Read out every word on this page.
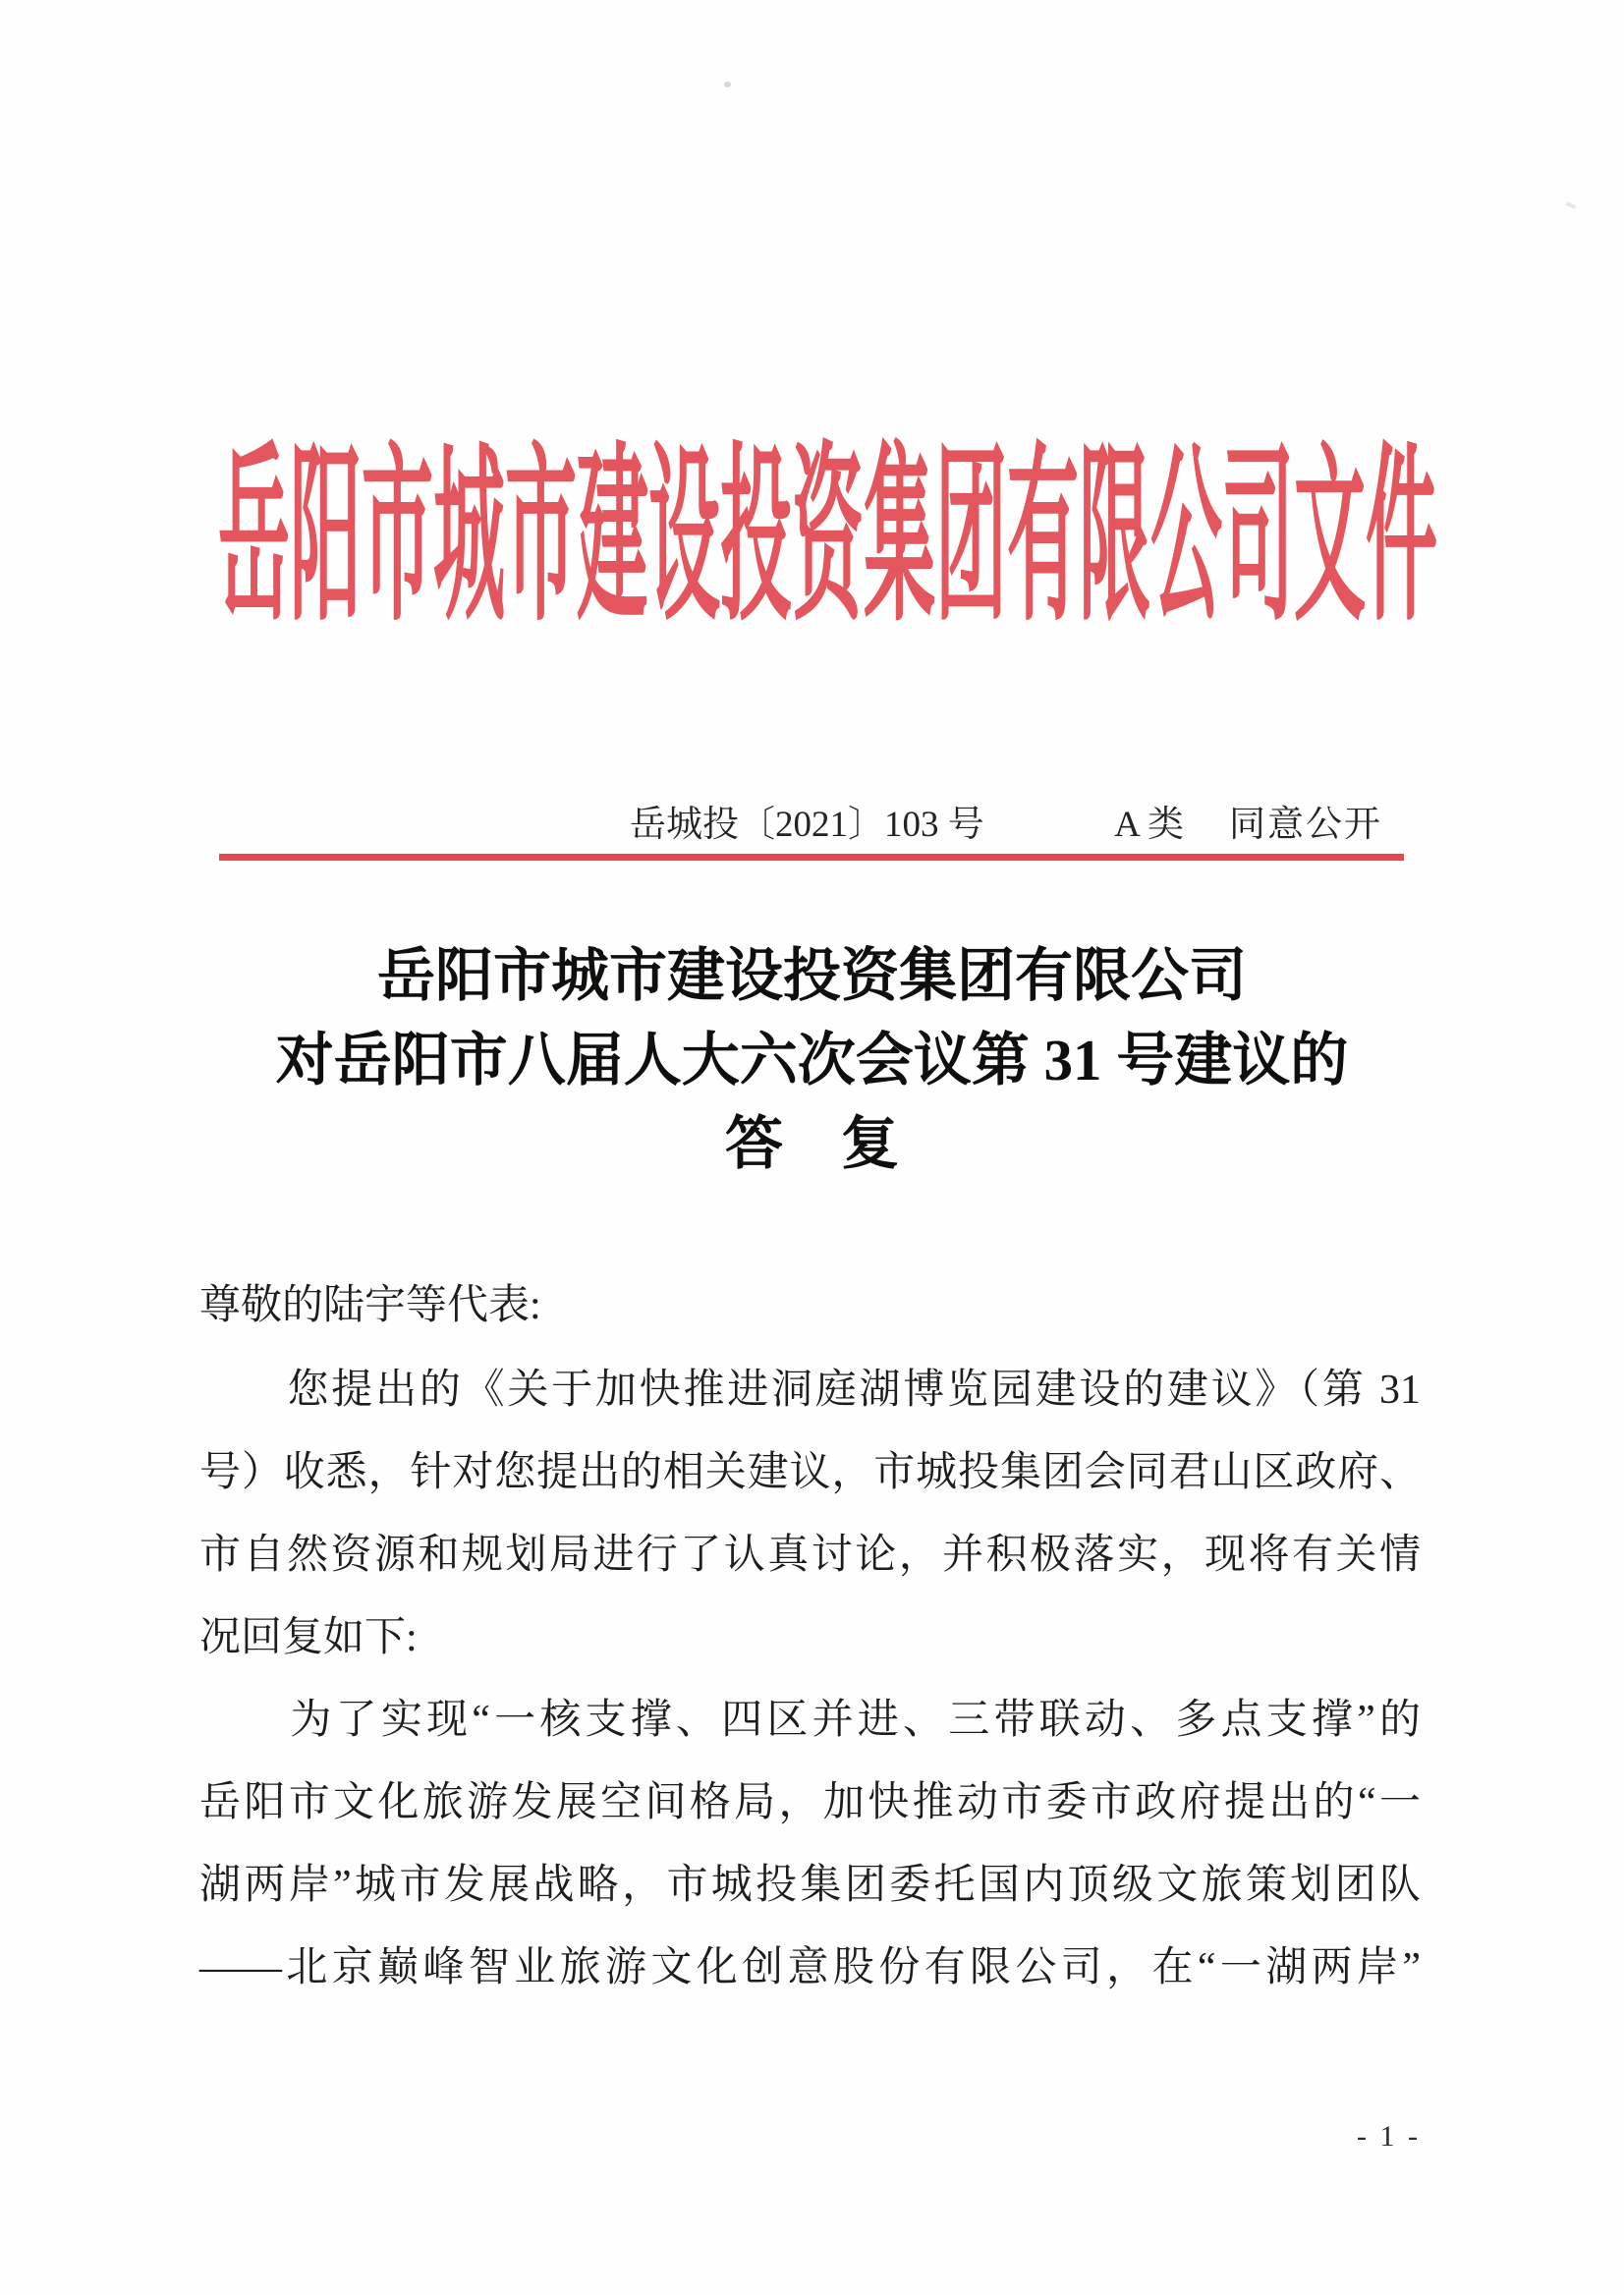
岳阳市城市建设投资集团有限公司文件
岳城投〔2021〕103 号	A 类 同意公开
岳阳市城市建设投资集团有限公司
对岳阳市八届人大六次会议第 31 号建议的
答　复
尊敬的陆宇等代表:
　　您提出的《关于加快推进洞庭湖博览园建设的建议》（第 31
号）收悉，针对您提出的相关建议，市城投集团会同君山区政府、
市自然资源和规划局进行了认真讨论，并积极落实，现将有关情
况回复如下:
　　为了实现“一核支撑、四区并进、三带联动、多点支撑”的
岳阳市文化旅游发展空间格局，加快推动市委市政府提出的“一
湖两岸”城市发展战略，市城投集团委托国内顶级文旅策划团队
——北京巅峰智业旅游文化创意股份有限公司，在“一湖两岸”
- 1 -
